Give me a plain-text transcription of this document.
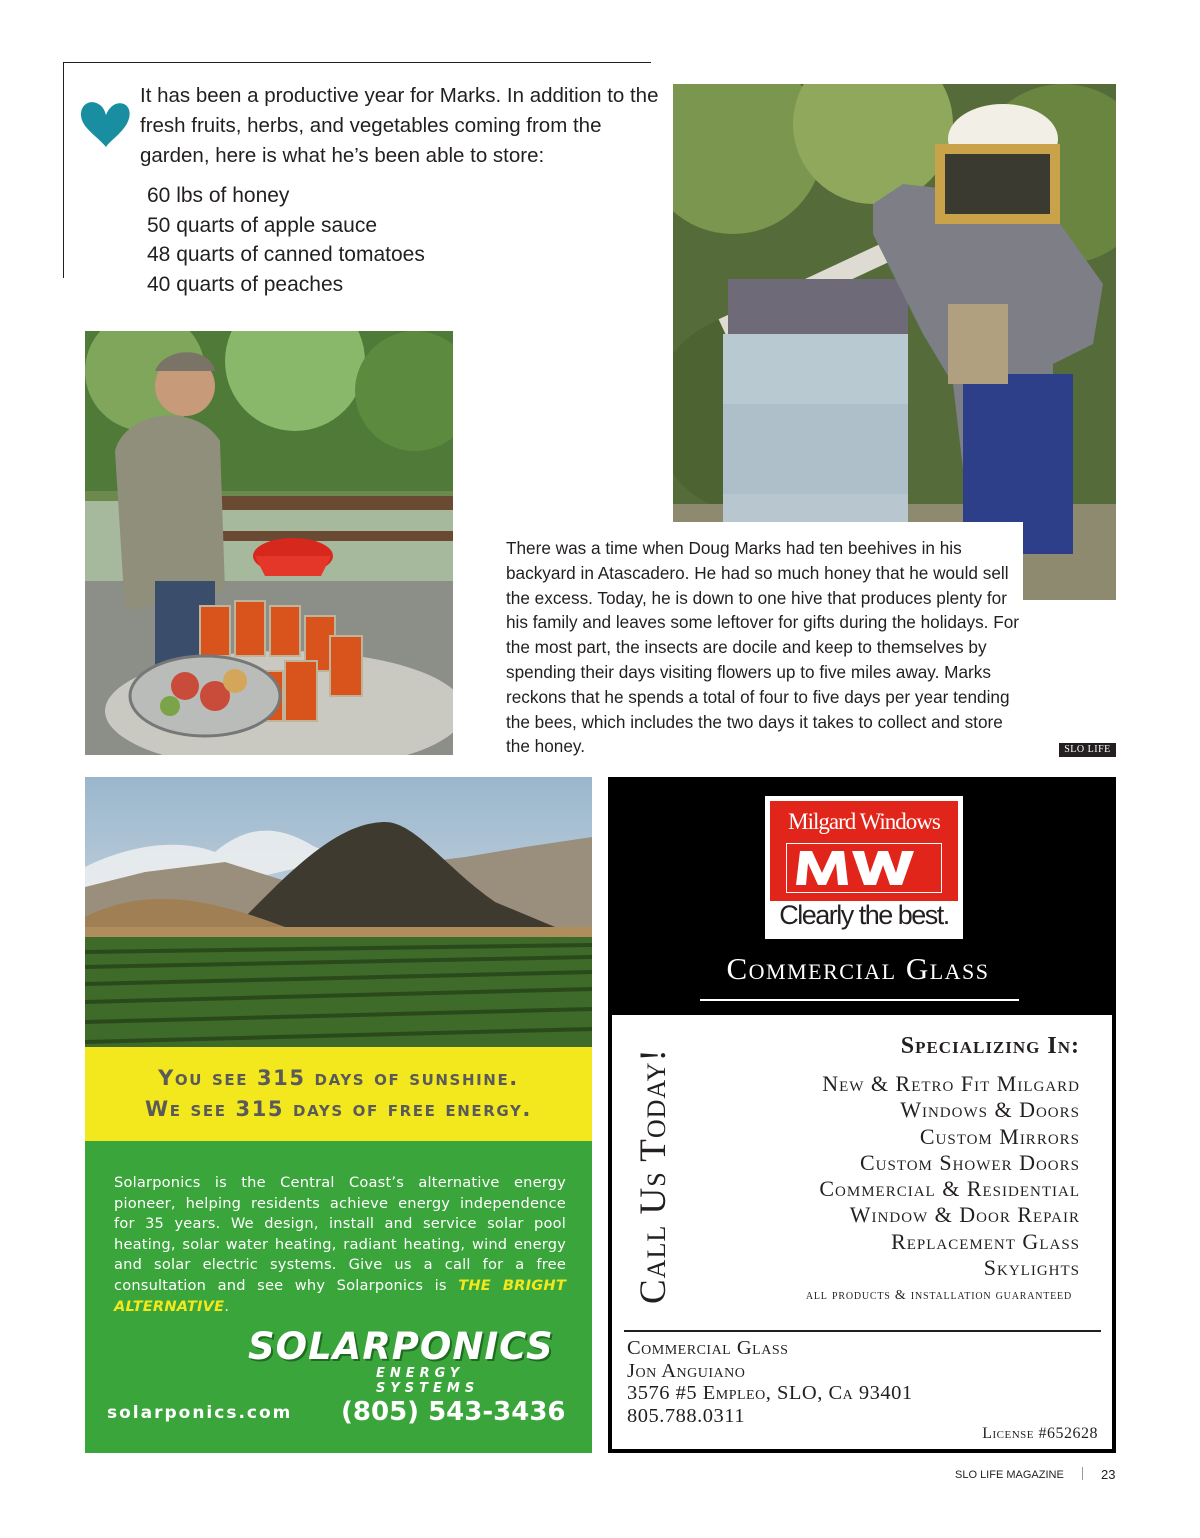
It has been a productive year for Marks. In addition to the fresh fruits, herbs, and vegetables coming from the garden, here is what he’s been able to store:
60 lbs of honey
50 quarts of apple sauce
48 quarts of canned tomatoes
40 quarts of peaches

There was a time when Doug Marks had ten beehives in his backyard in Atascadero. He had so much honey that he would sell the excess. Today, he is down to one hive that produces plenty for his family and leaves some leftover for gifts during the holidays. For the most part, the insects are docile and keep to themselves by spending their days visiting flowers up to five miles away. Marks reckons that he spends a total of four to five days per year tending the bees, which includes the two days it takes to collect and store the honey.	SLO LIFE
You see 315 days of sunshine.
We see 315 days of free energy.

Solarponics is the Central Coast’s alternative energy pioneer, helping residents achieve energy independence for 35 years. We design, install and service solar pool heating, solar water heating, radiant heating, wind energy and solar electric systems. Give us a call for a free consultation and see why Solarponics is THE BRIGHT ALTERNATIVE.

SOLARPONICS
ENERGY SYSTEMS
solarponics.com (805) 543-3436
Milgard Windows
Clearly the best.
Commercial Glass
Call Us Today!
Specializing In:
New & Retro Fit Milgard
Windows & Doors
Custom Mirrors
Custom Shower Doors
Commercial & Residential
Window & Door Repair
Replacement Glass
Skylights
all products & installation guaranteed
Commercial Glass
Jon Anguiano
3576 #5 Empleo, SLO, Ca 93401
805.788.0311
License #652628
SLO LIFE MAGAZINE	23
